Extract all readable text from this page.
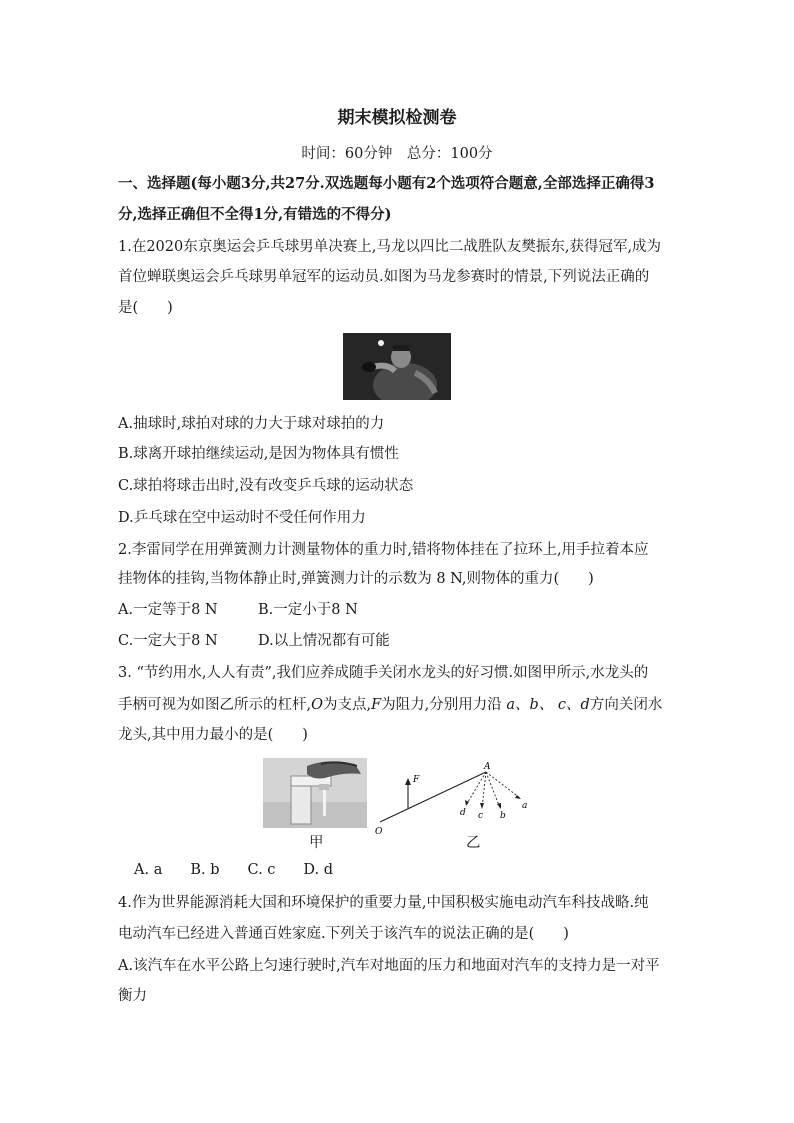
期末模拟检测卷
时间：60分钟　总分：100分
一、选择题(每小题3分,共27分.双选题每小题有2个选项符合题意,全部选择正确得3
分,选择正确但不全得1分,有错选的不得分)
1.在2020东京奥运会乒乓球男单决赛上,马龙以四比二战胜队友樊振东,获得冠军,成为
首位蝉联奥运会乒乓球男单冠军的运动员.如图为马龙参赛时的情景,下列说法正确的
是(　　)
A.抽球时,球拍对球的力大于球对球拍的力
B.球离开球拍继续运动,是因为物体具有惯性
C.球拍将球击出时,没有改变乒乓球的运动状态
D.乒乓球在空中运动时不受任何作用力
2.李雷同学在用弹簧测力计测量物体的重力时,错将物体挂在了拉环上,用手拉着本应
挂物体的挂钩,当物体静止时,弹簧测力计的示数为 8 N,则物体的重力(　　)
A.一定等于8 N	B.一定小于8 N
C.一定大于8 N	D.以上情况都有可能
3. “节约用水,人人有责”,我们应养成随手关闭水龙头的好习惯.如图甲所示,水龙头的
手柄可视为如图乙所示的杠杆,O为支点,F为阻力,分别用力沿 a、b、 c、d方向关闭水
龙头,其中用力最小的是(　　)
甲	乙
F
A
O
d c b
a
A. a B. b C. c D. d
4.作为世界能源消耗大国和环境保护的重要力量,中国积极实施电动汽车科技战略.纯
电动汽车已经进入普通百姓家庭.下列关于该汽车的说法正确的是(　　)
A.该汽车在水平公路上匀速行驶时,汽车对地面的压力和地面对汽车的支持力是一对平
衡力
